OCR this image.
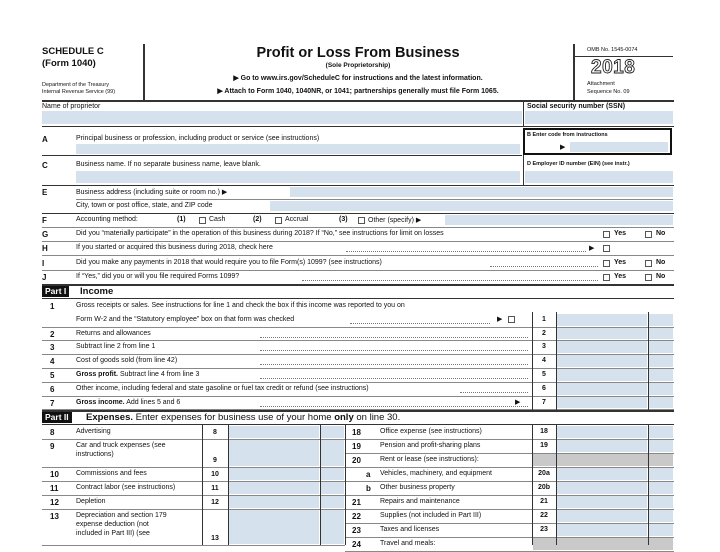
SCHEDULE C
(Form 1040)
Department of the Treasury
Internal Revenue Service (99)
Profit or Loss From Business
(Sole Proprietorship)
▶ Go to www.irs.gov/ScheduleC for instructions and the latest information.
▶ Attach to Form 1040, 1040NR, or 1041; partnerships generally must file Form 1065.
OMB No. 1545-0074
2018
Attachment
Sequence No. 09
Name of proprietor	Social security number (SSN)
A	Principal business or profession, including product or service (see instructions)	B Enter code from instructions
▶
C	Business name. If no separate business name, leave blank.	D Employer ID number (EIN) (see instr.)
E	Business address (including suite or room no.) ▶
City, town or post office, state, and ZIP code
F	Accounting method:	(1)	Cash	(2)	Accrual	(3)	Other (specify) ▶
G	Did you “materially participate” in the operation of this business during 2018? If “No,” see instructions for limit on losses	Yes	No
H	If you started or acquired this business during 2018, check here	▶
I	Did you make any payments in 2018 that would require you to file Form(s) 1099? (see instructions)	Yes	No
J	If “Yes,” did you or will you file required Forms 1099?	Yes	No
Part I	Income
1	Gross receipts or sales. See instructions for line 1 and check the box if this income was reported to you on
Form W-2 and the “Statutory employee” box on that form was checked	1
▶
2	Returns and allowances	2
3	Subtract line 2 from line 1	3
4	Cost of goods sold (from line 42)	4
5	Gross profit. Subtract line 4 from line 3	5
6	Other income, including federal and state gasoline or fuel tax credit or refund (see instructions)	6
7	Gross income. Add lines 5 and 6	7
▶
Part II	Expenses. Enter expenses for business use of your home only on line 30.
8	Advertising	8
9	Car and truck expenses (see
instructions)
9
10 Commissions and fees	10
11	Contract labor (see instructions)	11
12 Depletion	12
13 Depreciation and section 179
expense deduction (not
included in Part III) (see
13
18	Office expense (see instructions)	18
19	Pension and profit-sharing plans	19
20	Rent or lease (see instructions):
a Vehicles, machinery, and equipment	20a
b Other business property	20b
21	Repairs and maintenance	21
22	Supplies (not included in Part III)	22
23	Taxes and licenses	23
24	Travel and meals:
